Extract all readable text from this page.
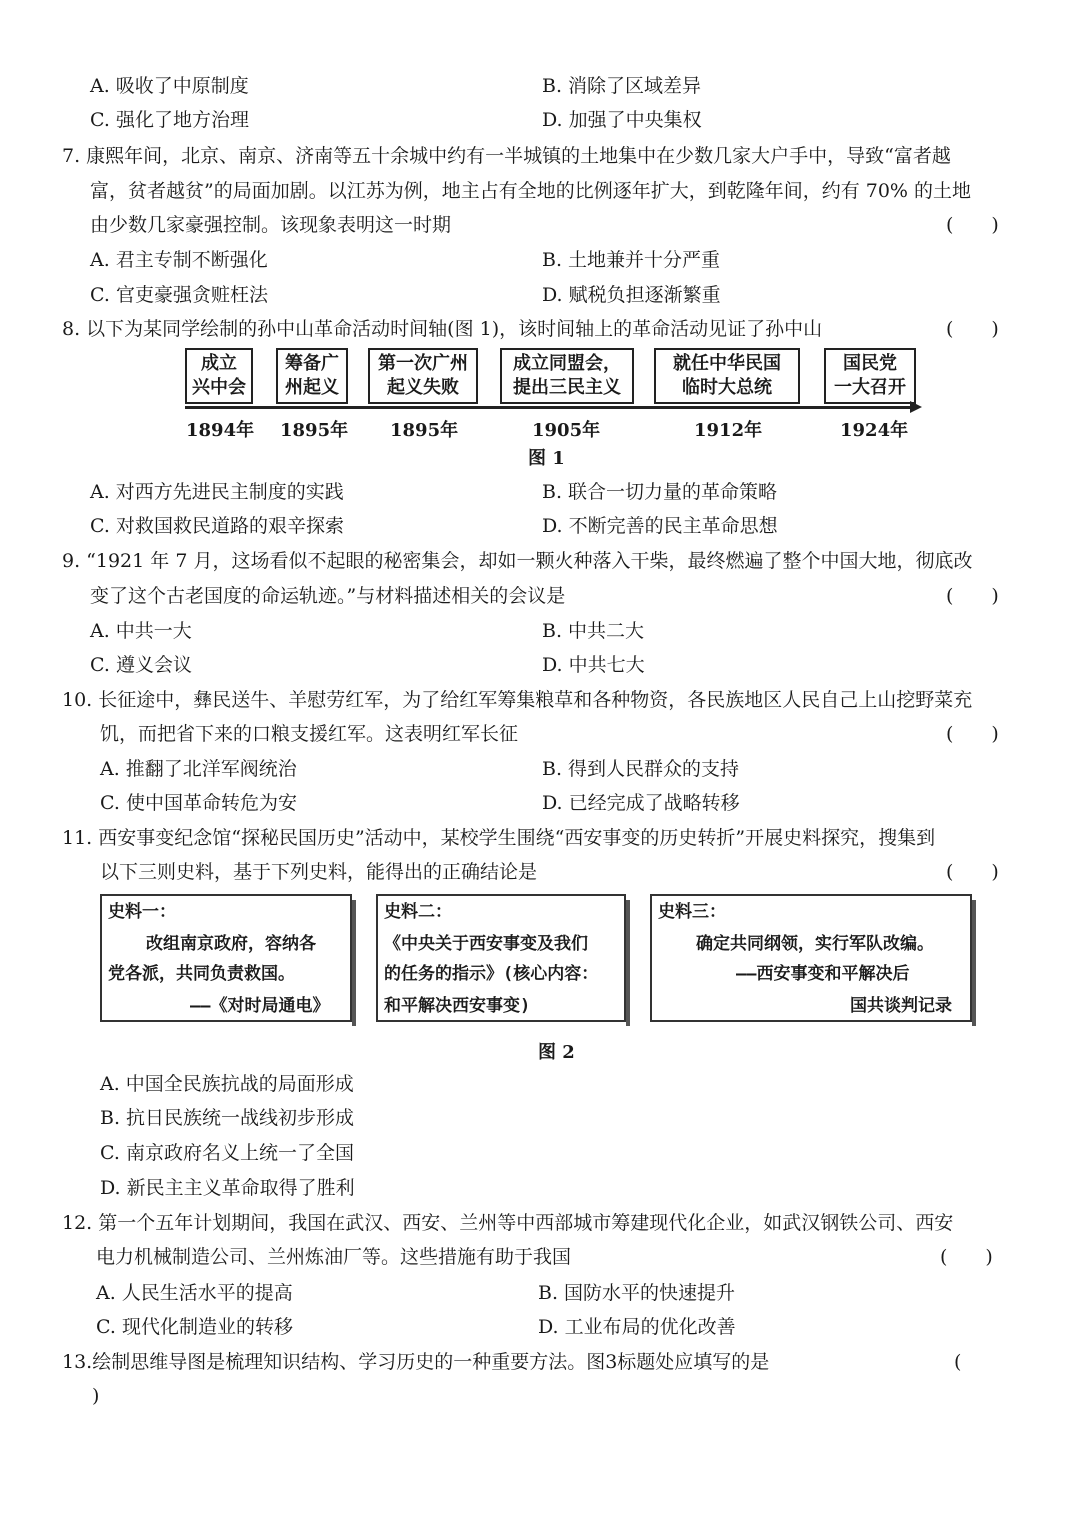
A. 吸收了中原制度	B. 消除了区域差异
C. 强化了地方治理	D. 加强了中央集权
7. 康熙年间，北京、南京、济南等五十余城中约有一半城镇的土地集中在少数几家大户手中，导致“富者越
富，贫者越贫”的局面加剧。以江苏为例，地主占有全地的比例逐年扩大，到乾隆年间，约有 70% 的土地
由少数几家豪强控制。该现象表明这一时期	(　　)
A. 君主专制不断强化	B. 土地兼并十分严重
C. 官吏豪强贪赃枉法	D. 赋税负担逐渐繁重
8. 以下为某同学绘制的孙中山革命活动时间轴(图 1)，该时间轴上的革命活动见证了孙中山	(　　)
成立
兴中会
筹备广
州起义
第一次广州
起义失败
成立同盟会，
提出三民主义
就任中华民国
临时大总统
国民党
一大召开
1894年 1895年 1895年	1905年	1912年	1924年
图 1
A. 对西方先进民主制度的实践	B. 联合一切力量的革命策略
C. 对救国救民道路的艰辛探索	D. 不断完善的民主革命思想
9. “1921 年 7 月，这场看似不起眼的秘密集会，却如一颗火种落入干柴，最终燃遍了整个中国大地，彻底改
变了这个古老国度的命运轨迹。”与材料描述相关的会议是	(　　)
A. 中共一大	B. 中共二大
C. 遵义会议	D. 中共七大
10. 长征途中，彝民送牛、羊慰劳红军，为了给红军筹集粮草和各种物资，各民族地区人民自己上山挖野菜充
饥，而把省下来的口粮支援红军。这表明红军长征	(　　)
A. 推翻了北洋军阀统治	B. 得到人民群众的支持
C. 使中国革命转危为安	D. 已经完成了战略转移
11. 西安事变纪念馆“探秘民国历史”活动中，某校学生围绕“西安事变的历史转折”开展史料探究，搜集到
以下三则史料，基于下列史料，能得出的正确结论是	(　　)
史料一：
改组南京政府，容纳各
党各派，共同负责救国。
——《对时局通电》
史料二：
《中央关于西安事变及我们
的任务的指示》(核心内容：
和平解决西安事变)
史料三：
确定共同纲领，实行军队改编。
——西安事变和平解决后
国共谈判记录
图 2
A. 中国全民族抗战的局面形成
B. 抗日民族统一战线初步形成
C. 南京政府名义上统一了全国
D. 新民主主义革命取得了胜利
12. 第一个五年计划期间，我国在武汉、西安、兰州等中西部城市筹建现代化企业，如武汉钢铁公司、西安
电力机械制造公司、兰州炼油厂等。这些措施有助于我国	(　　)
A. 人民生活水平的提高	B. 国防水平的快速提升
C. 现代化制造业的转移	D. 工业布局的优化改善
13.绘制思维导图是梳理知识结构、学习历史的一种重要方法。图3标题处应填写的是	(
)
